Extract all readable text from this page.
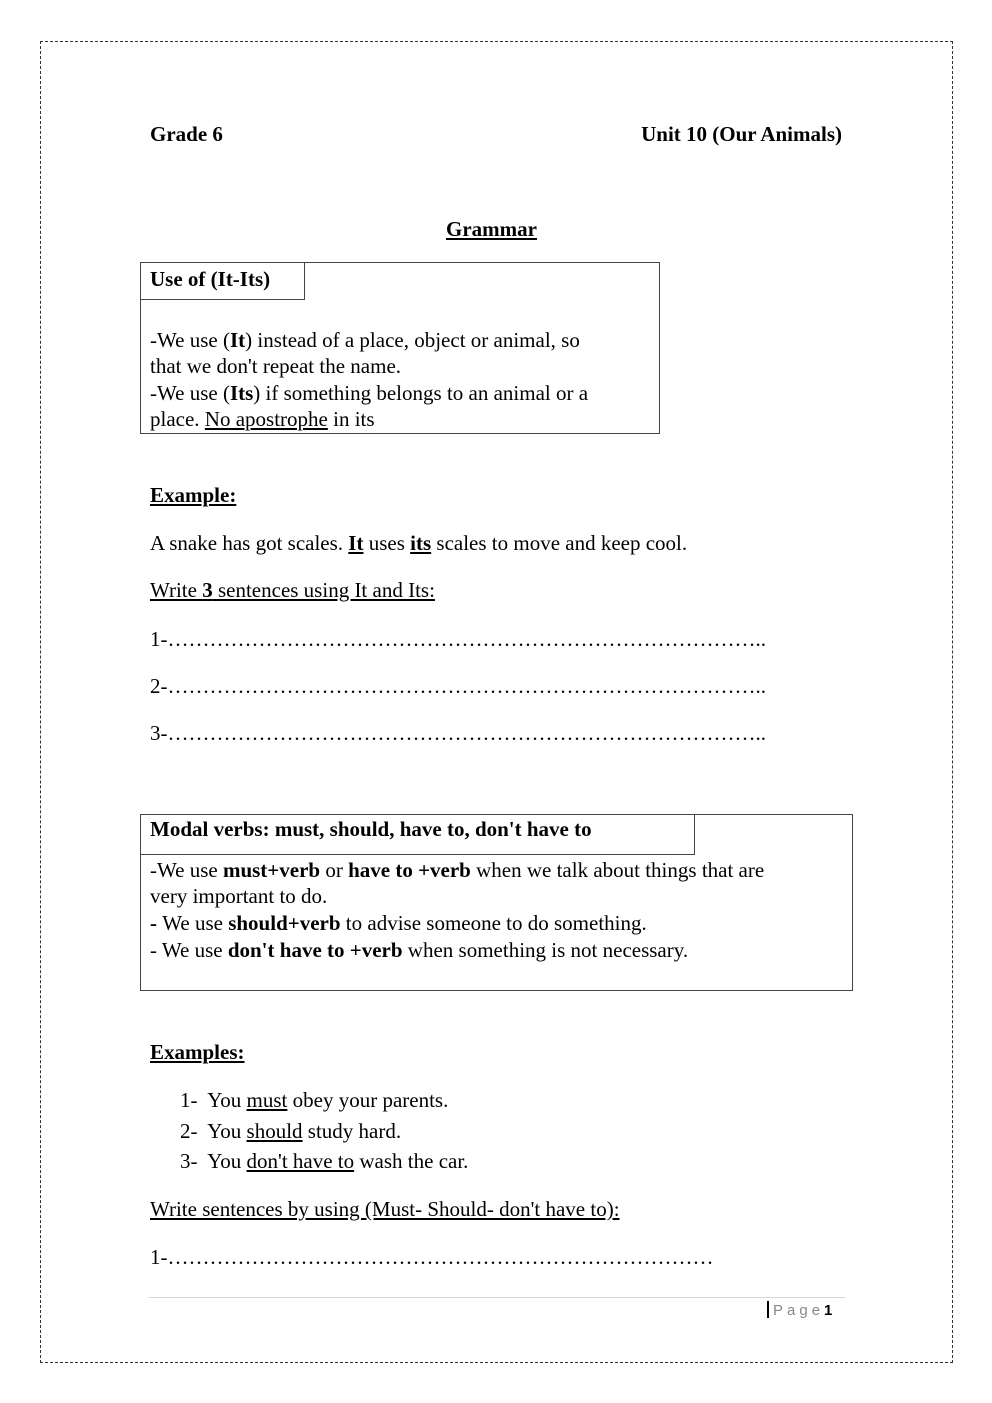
Grade 6	Unit 10 (Our Animals)
Grammar
Use of (It-Its)
-We use (It) instead of a place, object or animal, so
that we don't repeat the name.
-We use (Its) if something belongs to an animal or a
place. No apostrophe in its
Example:
A snake has got scales. It uses its scales to move and keep cool.
Write 3 sentences using It and Its:
1-…………………………………………………………………………..
2-…………………………………………………………………………..
3-…………………………………………………………………………..
Modal verbs: must, should, have to, don't have to
-We use must+verb or have to +verb when we talk about things that are
very important to do.
- We use should+verb to advise someone to do something.
- We use don't have to +verb when something is not necessary.
Examples:
1-  You must obey your parents.
2-  You should study hard.
3-  You don't have to wash the car.
Write sentences by using (Must- Should- don't have to):
1-……………………………………………………………………
Page1
